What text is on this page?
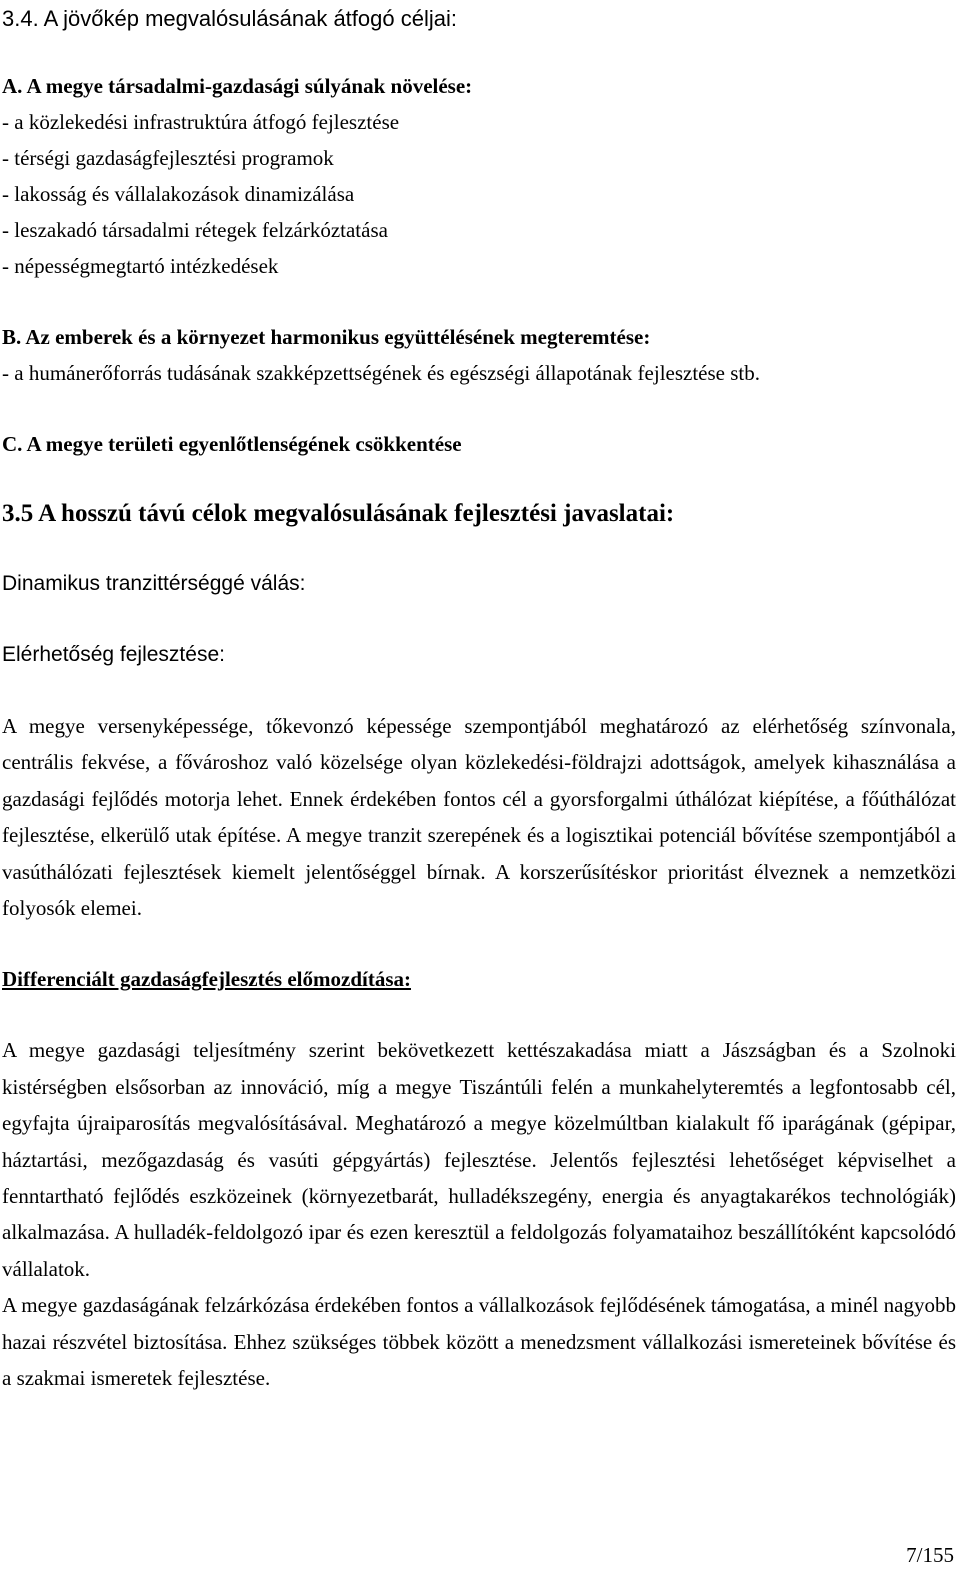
3.4. A jövőkép megvalósulásának átfogó céljai:
A. A megye társadalmi-gazdasági súlyának növelése:
- a közlekedési infrastruktúra átfogó fejlesztése
- térségi gazdaságfejlesztési programok
- lakosság és vállalakozások dinamizálása
- leszakadó társadalmi rétegek felzárkóztatása
- népességmegtartó intézkedések
B. Az emberek és a környezet harmonikus együttélésének megteremtése:
- a humánerőforrás tudásának szakképzettségének és egészségi állapotának fejlesztése stb.
C. A megye területi egyenlőtlenségének csökkentése
3.5 A hosszú távú célok megvalósulásának fejlesztési javaslatai:
Dinamikus tranzittérséggé válás:
Elérhetőség fejlesztése:

A megye versenyképessége, tőkevonzó képessége szempontjából meghatározó az elérhetőség színvonala, centrális fekvése, a fővároshoz való közelsége olyan közlekedési-földrajzi adottságok, amelyek kihasználása a gazdasági fejlődés motorja lehet. Ennek érdekében fontos cél a gyorsforgalmi úthálózat kiépítése, a főúthálózat fejlesztése, elkerülő utak építése. A megye tranzit szerepének és a logisztikai potenciál bővítése szempontjából a vasúthálózati fejlesztések kiemelt jelentőséggel bírnak. A korszerűsítéskor prioritást élveznek a nemzetközi folyosók elemei.

Differenciált gazdaságfejlesztés előmozdítása:

A megye gazdasági teljesítmény szerint bekövetkezett kettészakadása miatt a Jászságban és a Szolnoki kistérségben elsősorban az innováció, míg a megye Tiszántúli felén a munkahelyteremtés a legfontosabb cél, egyfajta újraiparosítás megvalósításával. Meghatározó a megye közelmúltban kialakult fő iparágának (gépipar, háztartási, mezőgazdaság és vasúti gépgyártás) fejlesztése. Jelentős fejlesztési lehetőséget képviselhet a fenntartható fejlődés eszközeinek (környezetbarát, hulladékszegény, energia és anyagtakarékos technológiák) alkalmazása. A hulladék-feldolgozó ipar és ezen keresztül a feldolgozás folyamataihoz beszállítóként kapcsolódó vállalatok.

A megye gazdaságának felzárkózása érdekében fontos a vállalkozások fejlődésének támogatása, a minél nagyobb hazai részvétel biztosítása. Ehhez szükséges többek között a menedzsment vállalkozási ismereteinek bővítése és a szakmai ismeretek fejlesztése.

7/155
